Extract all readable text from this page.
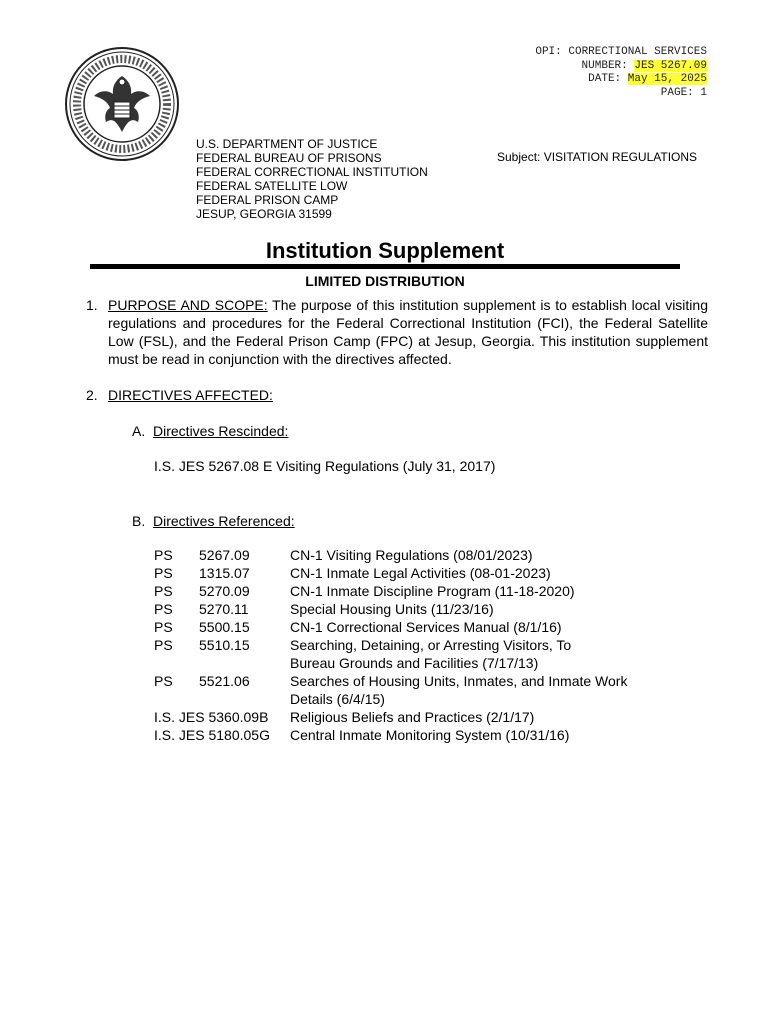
OPI: CORRECTIONAL SERVICES
NUMBER: JES 5267.09
DATE: May 15, 2025
PAGE: 1
U.S. DEPARTMENT OF JUSTICE
FEDERAL BUREAU OF PRISONS
FEDERAL CORRECTIONAL INSTITUTION
FEDERAL SATELLITE LOW
FEDERAL PRISON CAMP
JESUP, GEORGIA 31599
Subject: VISITATION REGULATIONS
Institution Supplement
LIMITED DISTRIBUTION
1. PURPOSE AND SCOPE: The purpose of this institution supplement is to establish local visiting regulations and procedures for the Federal Correctional Institution (FCI), the Federal Satellite Low (FSL), and the Federal Prison Camp (FPC) at Jesup, Georgia. This institution supplement must be read in conjunction with the directives affected.
2. DIRECTIVES AFFECTED:
A. Directives Rescinded:
I.S. JES 5267.08 E Visiting Regulations (July 31, 2017)
B. Directives Referenced:
PS 5267.09	CN-1 Visiting Regulations (08/01/2023)
PS 1315.07	CN-1 Inmate Legal Activities (08-01-2023)
PS 5270.09	CN-1 Inmate Discipline Program (11-18-2020)
PS 5270.11	Special Housing Units (11/23/16)
PS 5500.15	CN-1 Correctional Services Manual (8/1/16)
PS 5510.15	Searching, Detaining, or Arresting Visitors, To Bureau Grounds and Facilities (7/17/13)
PS 5521.06	Searches of Housing Units, Inmates, and Inmate Work Details (6/4/15)
I.S. JES 5360.09B Religious Beliefs and Practices (2/1/17)
I.S. JES 5180.05G Central Inmate Monitoring System (10/31/16)
